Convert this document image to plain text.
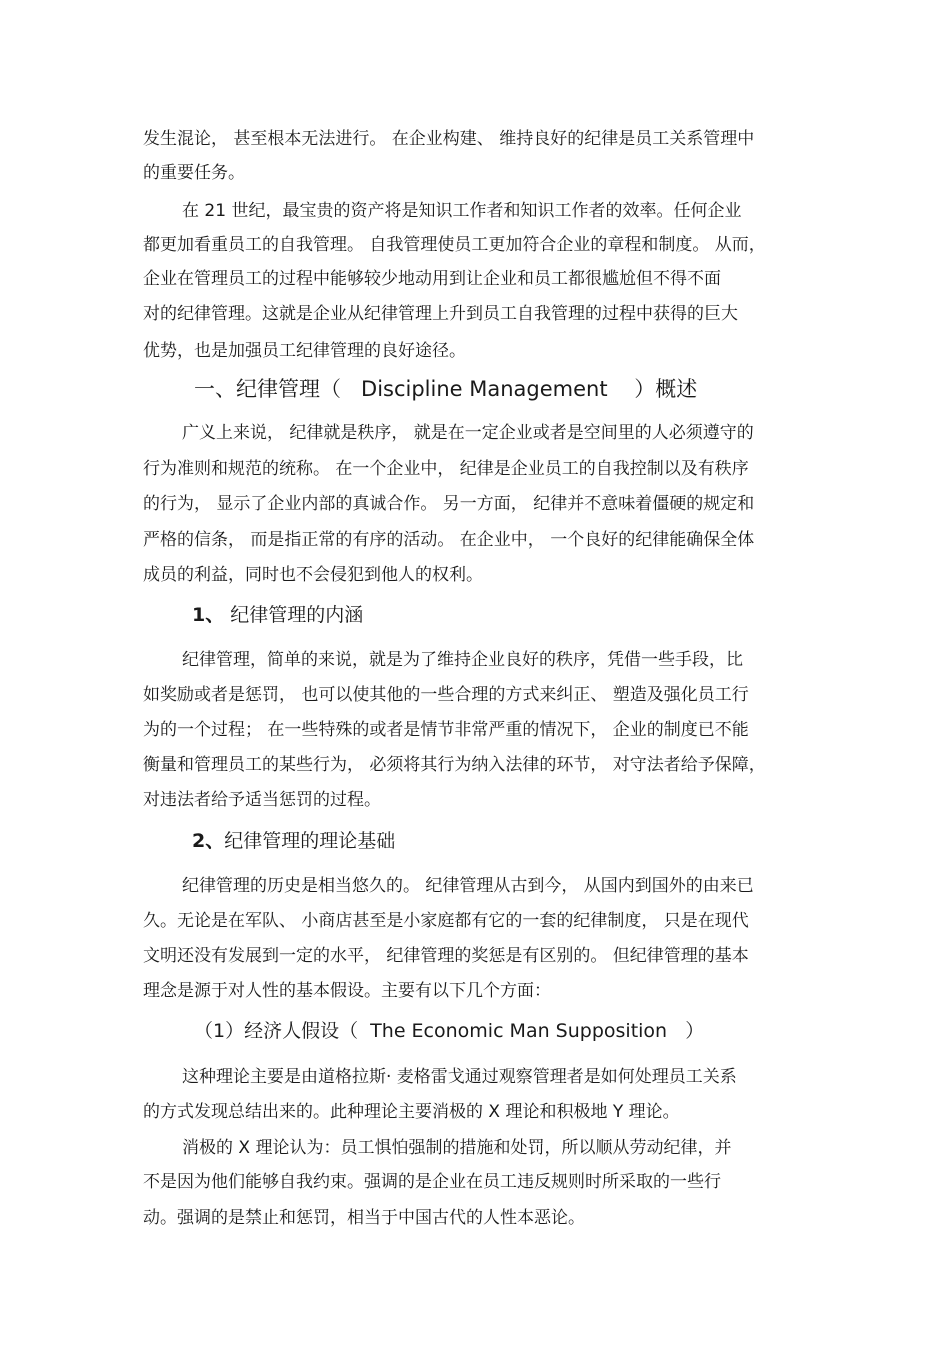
发生混论， 甚至根本无法进行。 在企业构建、 维持良好的纪律是员工关系管理中
的重要任务。
在 21 世纪，最宝贵的资产将是知识工作者和知识工作者的效率。任何企业
都更加看重员工的自我管理。 自我管理使员工更加符合企业的章程和制度。 从而，
企业在管理员工的过程中能够较少地动用到让企业和员工都很尴尬但不得不面
对的纪律管理。这就是企业从纪律管理上升到员工自我管理的过程中获得的巨大
优势，也是加强员工纪律管理的良好途径。
一、纪律管理（   Discipline Management    ）概述
广义上来说， 纪律就是秩序， 就是在一定企业或者是空间里的人必须遵守的
行为准则和规范的统称。 在一个企业中， 纪律是企业员工的自我控制以及有秩序
的行为， 显示了企业内部的真诚合作。 另一方面， 纪律并不意味着僵硬的规定和
严格的信条， 而是指正常的有序的活动。 在企业中， 一个良好的纪律能确保全体
成员的利益，同时也不会侵犯到他人的权利。
1、 纪律管理的内涵
纪律管理，简单的来说，就是为了维持企业良好的秩序，凭借一些手段，比
如奖励或者是惩罚， 也可以使其他的一些合理的方式来纠正、 塑造及强化员工行
为的一个过程； 在一些特殊的或者是情节非常严重的情况下， 企业的制度已不能
衡量和管理员工的某些行为， 必须将其行为纳入法律的环节， 对守法者给予保障，
对违法者给予适当惩罚的过程。
2、纪律管理的理论基础
纪律管理的历史是相当悠久的。 纪律管理从古到今， 从国内到国外的由来已
久。无论是在军队、 小商店甚至是小家庭都有它的一套的纪律制度， 只是在现代
文明还没有发展到一定的水平， 纪律管理的奖惩是有区别的。 但纪律管理的基本
理念是源于对人性的基本假设。主要有以下几个方面：
（1）经济人假设（  The Economic Man Supposition   ）
这种理论主要是由道格拉斯· 麦格雷戈通过观察管理者是如何处理员工关系
的方式发现总结出来的。此种理论主要消极的 X 理论和积极地 Y 理论。
消极的 X 理论认为：员工惧怕强制的措施和处罚，所以顺从劳动纪律，并
不是因为他们能够自我约束。强调的是企业在员工违反规则时所采取的一些行
动。强调的是禁止和惩罚，相当于中国古代的人性本恶论。
